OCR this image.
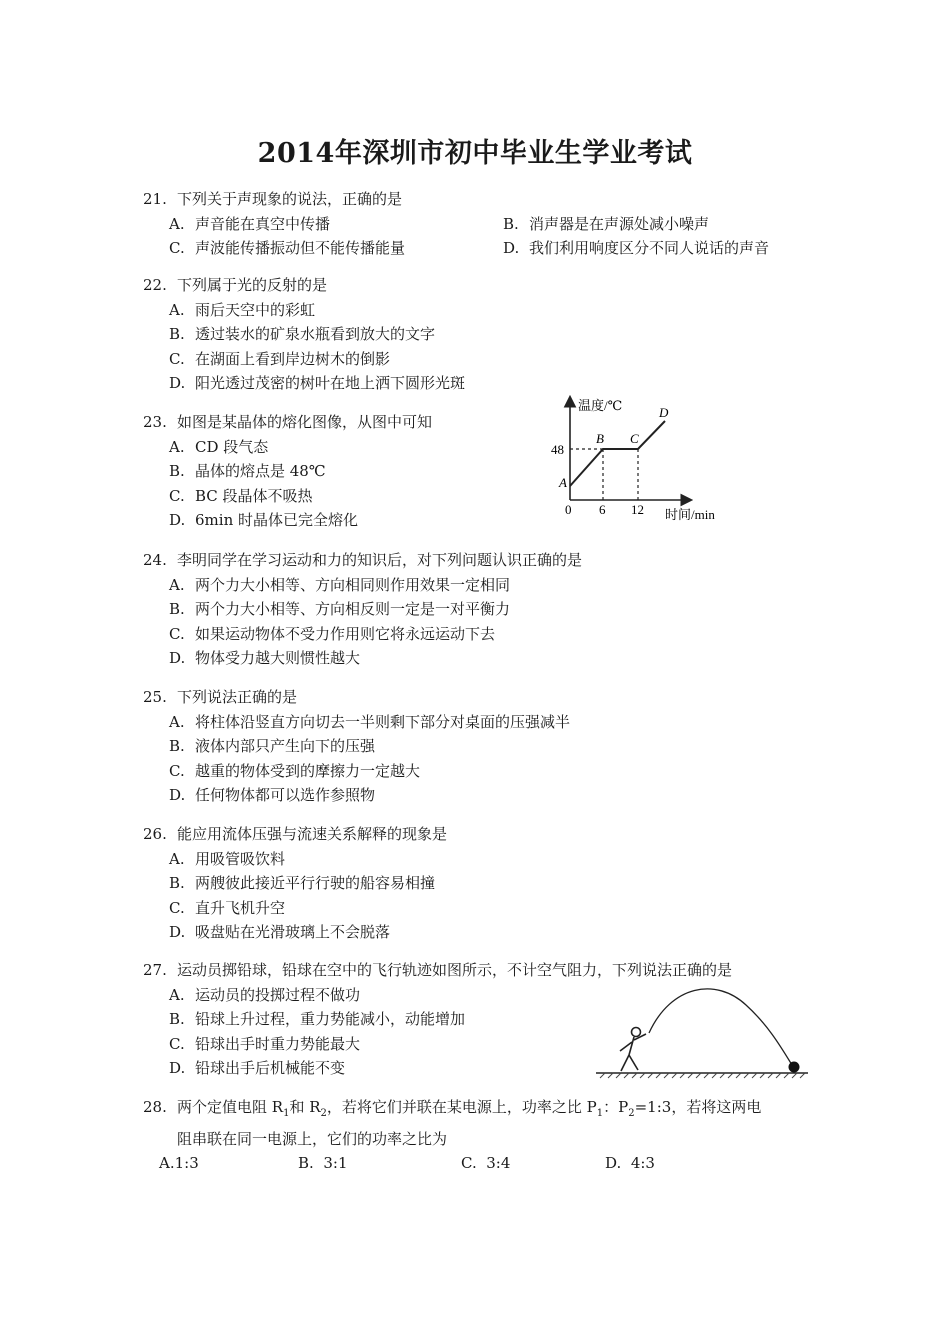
2014年深圳市初中毕业生学业考试
21. 下列关于声现象的说法，正确的是
A. 声音能在真空中传播	B. 消声器是在声源处减小噪声
C. 声波能传播振动但不能传播能量	D. 我们利用响度区分不同人说话的声音
22. 下列属于光的反射的是
A. 雨后天空中的彩虹
B. 透过装水的矿泉水瓶看到放大的文字
C. 在湖面上看到岸边树木的倒影
D. 阳光透过茂密的树叶在地上洒下圆形光斑
23. 如图是某晶体的熔化图像，从图中可知
A. CD 段气态
B. 晶体的熔点是 48℃
C. BC 段晶体不吸热
D. 6min 时晶体已完全熔化
温度/℃
时间/min
0
48
6 12
A
B C
D
24. 李明同学在学习运动和力的知识后，对下列问题认识正确的是
A. 两个力大小相等、方向相同则作用效果一定相同
B. 两个力大小相等、方向相反则一定是一对平衡力
C. 如果运动物体不受力作用则它将永远运动下去
D. 物体受力越大则惯性越大
25. 下列说法正确的是
A. 将柱体沿竖直方向切去一半则剩下部分对桌面的压强减半
B. 液体内部只产生向下的压强
C. 越重的物体受到的摩擦力一定越大
D. 任何物体都可以选作参照物
26. 能应用流体压强与流速关系解释的现象是
A. 用吸管吸饮料
B. 两艘彼此接近平行行驶的船容易相撞
C. 直升飞机升空
D. 吸盘贴在光滑玻璃上不会脱落
27. 运动员掷铅球，铅球在空中的飞行轨迹如图所示，不计空气阻力，下列说法正确的是
A. 运动员的投掷过程不做功
B. 铅球上升过程，重力势能减小，动能增加
C. 铅球出手时重力势能最大
D. 铅球出手后机械能不变
28. 两个定值电阻 $R_1$和 $R_2$，若将它们并联在某电源上，功率之比 $P_1$：$P_2=1:3$，若将这两电
阻串联在同一电源上，它们的功率之比为
A.1:3	B. 3:1	C. 3:4	D. 4:3
